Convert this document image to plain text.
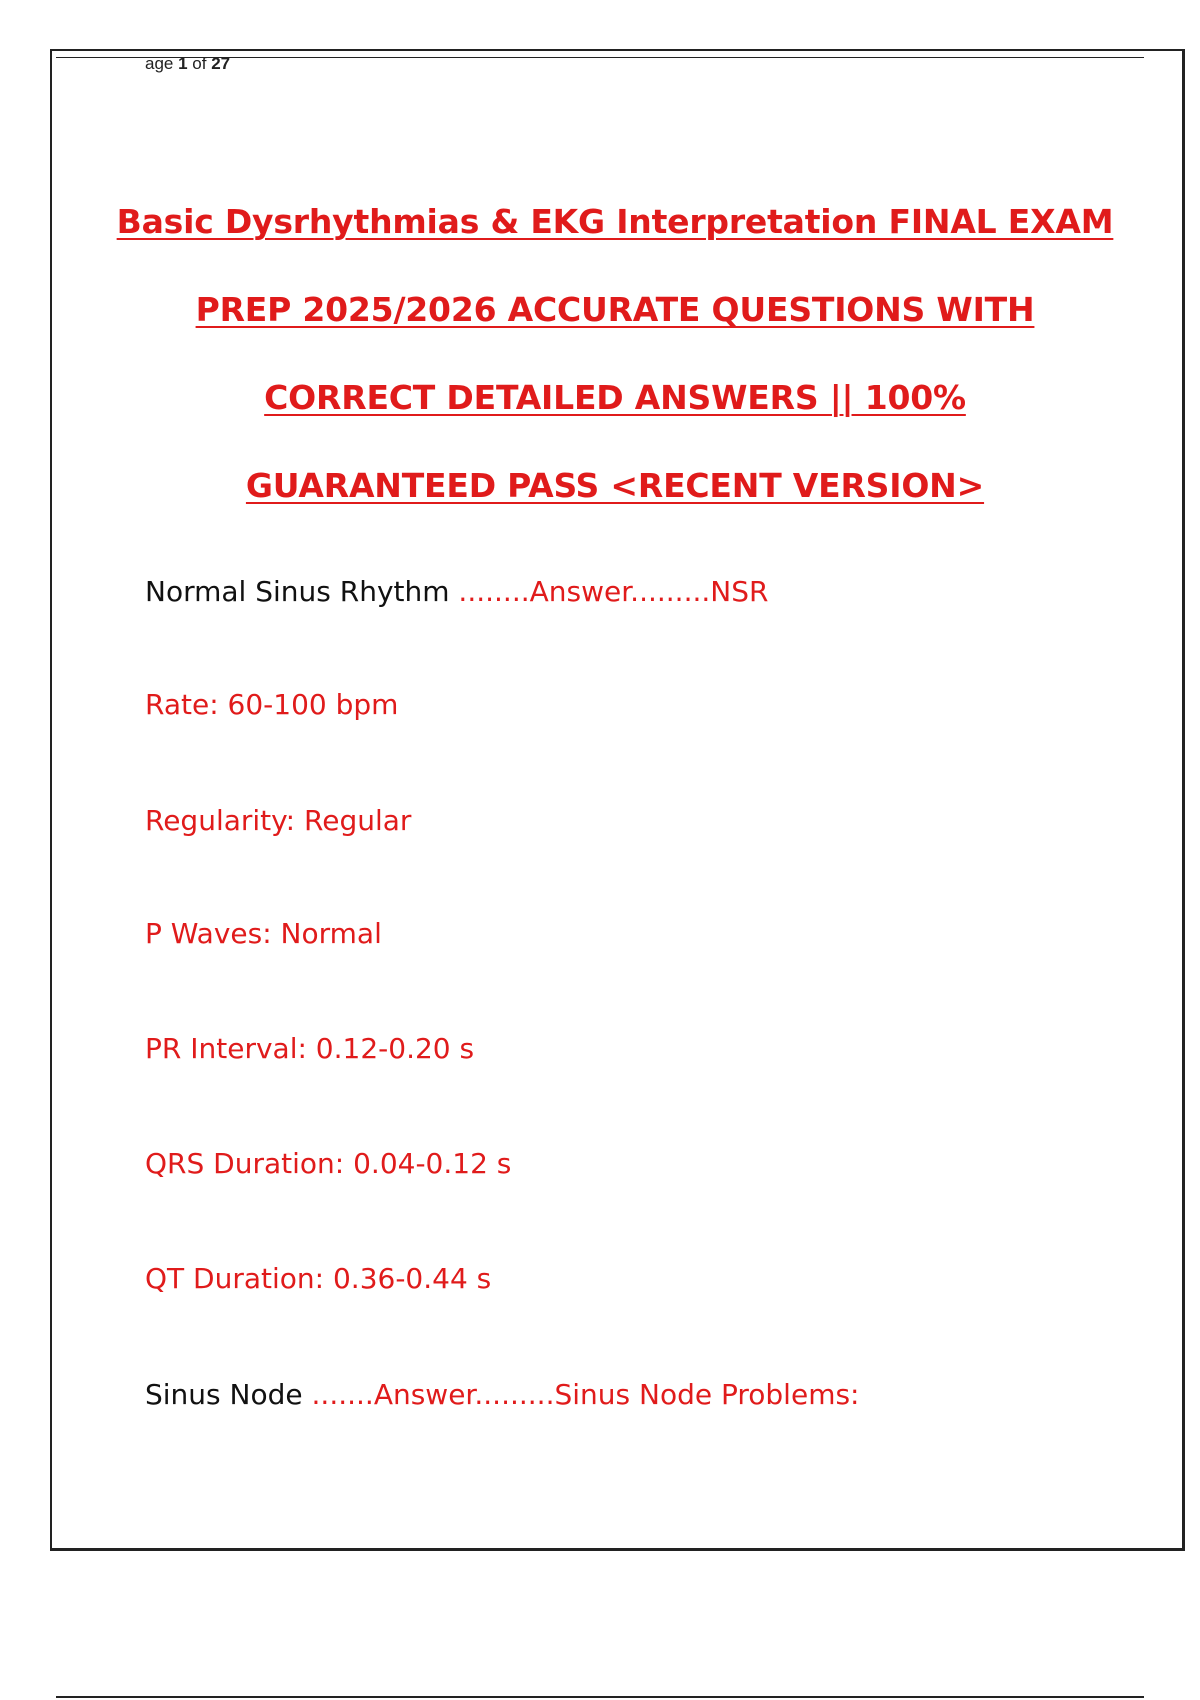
age 1 of 27
Basic Dysrhythmias & EKG Interpretation FINAL EXAM
PREP 2025/2026 ACCURATE QUESTIONS WITH
CORRECT DETAILED ANSWERS || 100%
GUARANTEED PASS <RECENT VERSION>
Normal Sinus Rhythm ........Answer.........NSR
Rate: 60-100 bpm
Regularity: Regular
P Waves: Normal
PR Interval: 0.12-0.20 s
QRS Duration: 0.04-0.12 s
QT Duration: 0.36-0.44 s
Sinus Node .......Answer.........Sinus Node Problems:
